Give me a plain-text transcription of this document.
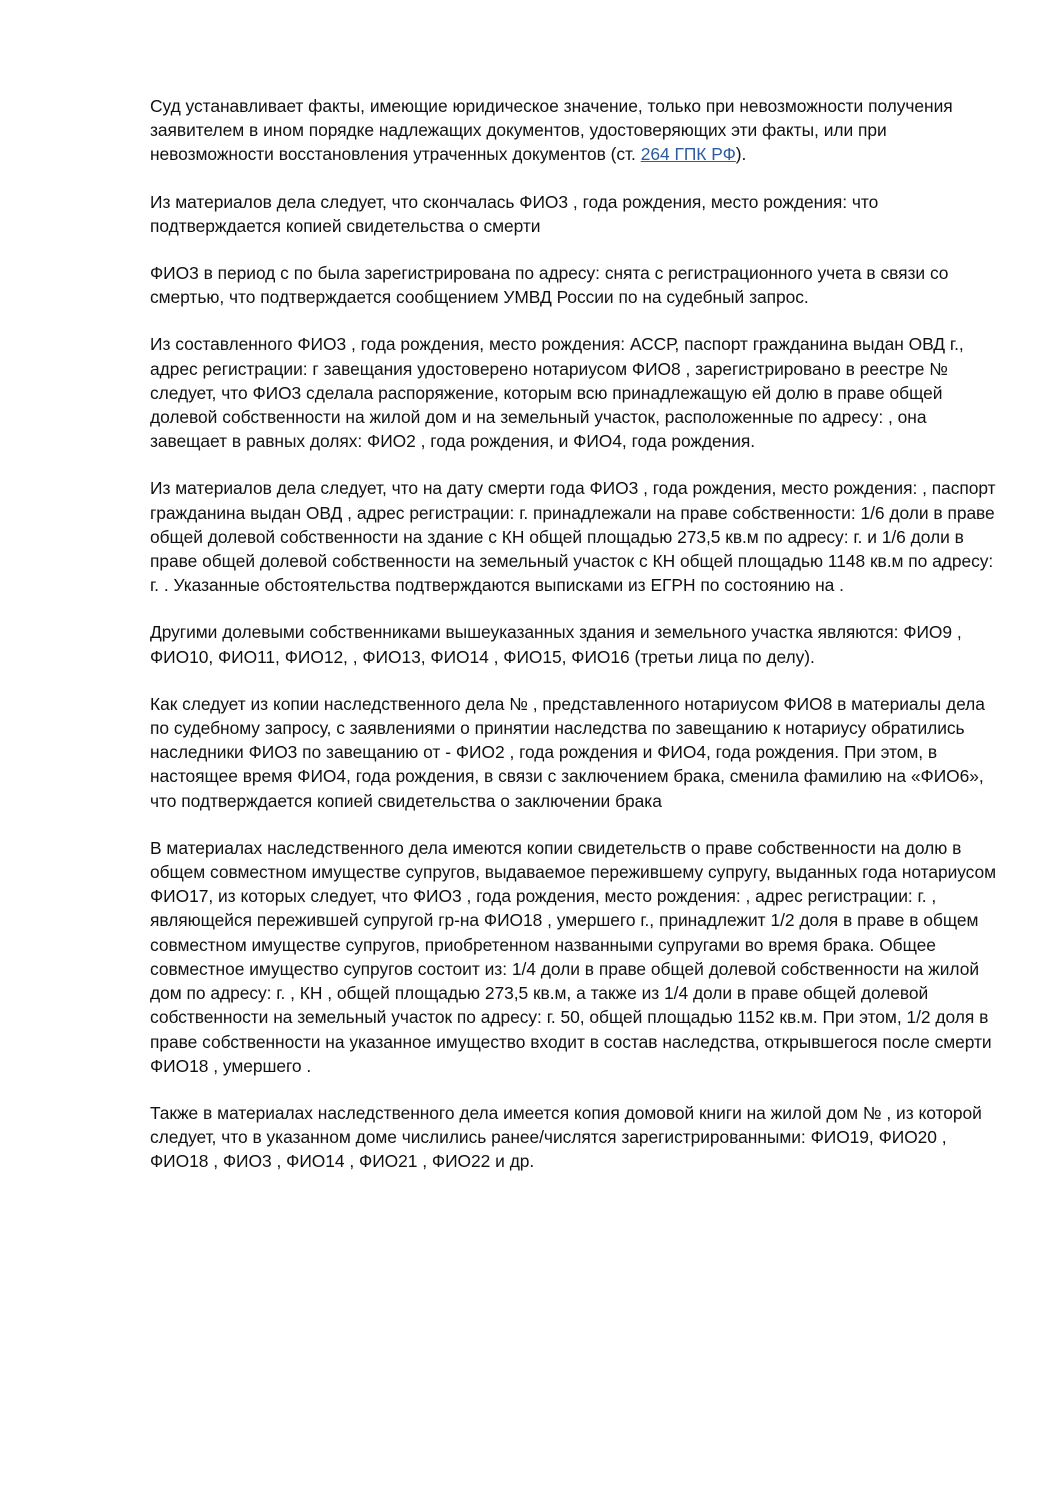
Суд устанавливает факты, имеющие юридическое значение, только при невозможности получения заявителем в ином порядке надлежащих документов, удостоверяющих эти факты, или при невозможности восстановления утраченных документов (ст. 264 ГПК РФ).

Из материалов дела следует, что скончалась ФИО3 , года рождения, место рождения: что подтверждается копией свидетельства о смерти

ФИО3 в период с по была зарегистрирована по адресу: снята с регистрационного учета в связи со смертью, что подтверждается сообщением УМВД России по на судебный запрос.

Из составленного ФИО3 , года рождения, место рождения: АССР, паспорт гражданина выдан ОВД г., адрес регистрации: г завещания удостоверено нотариусом ФИО8 , зарегистрировано в реестре № следует, что ФИО3 сделала распоряжение, которым всю принадлежащую ей долю в праве общей долевой собственности на жилой дом и на земельный участок, расположенные по адресу: , она завещает в равных долях: ФИО2 , года рождения, и ФИО4, года рождения.

Из материалов дела следует, что на дату смерти года ФИО3 , года рождения, место рождения: , паспорт гражданина выдан ОВД , адрес регистрации: г. принадлежали на праве собственности: 1/6 доли в праве общей долевой собственности на здание с КН общей площадью 273,5 кв.м по адресу: г. и 1/6 доли в праве общей долевой собственности на земельный участок с КН общей площадью 1148 кв.м по адресу: г. . Указанные обстоятельства подтверждаются выписками из ЕГРН по состоянию на .

Другими долевыми собственниками вышеуказанных здания и земельного участка являются: ФИО9 , ФИО10, ФИО11, ФИО12, , ФИО13, ФИО14 , ФИО15, ФИО16 (третьи лица по делу).

Как следует из копии наследственного дела № , представленного нотариусом ФИО8 в материалы дела по судебному запросу, с заявлениями о принятии наследства по завещанию к нотариусу обратились наследники ФИО3 по завещанию от - ФИО2 , года рождения и ФИО4, года рождения. При этом, в настоящее время ФИО4, года рождения, в связи с заключением брака, сменила фамилию на «ФИО6», что подтверждается копией свидетельства о заключении брака

В материалах наследственного дела имеются копии свидетельств о праве собственности на долю в общем совместном имуществе супругов, выдаваемое пережившему супругу, выданных года нотариусом ФИО17, из которых следует, что ФИО3 , года рождения, место рождения: , адрес регистрации: г. , являющейся пережившей супругой гр-на ФИО18 , умершего г., принадлежит 1/2 доля в праве в общем совместном имуществе супругов, приобретенном названными супругами во время брака. Общее совместное имущество супругов состоит из: 1/4 доли в праве общей долевой собственности на жилой дом по адресу: г. , КН , общей площадью 273,5 кв.м, а также из 1/4 доли в праве общей долевой собственности на земельный участок по адресу: г. 50, общей площадью 1152 кв.м. При этом, 1/2 доля в праве собственности на указанное имущество входит в состав наследства, открывшегося после смерти ФИО18 , умершего .

Также в материалах наследственного дела имеется копия домовой книги на жилой дом № , из которой следует, что в указанном доме числились ранее/числятся зарегистрированными: ФИО19, ФИО20 , ФИО18 , ФИО3 , ФИО14 , ФИО21 , ФИО22 и др.
